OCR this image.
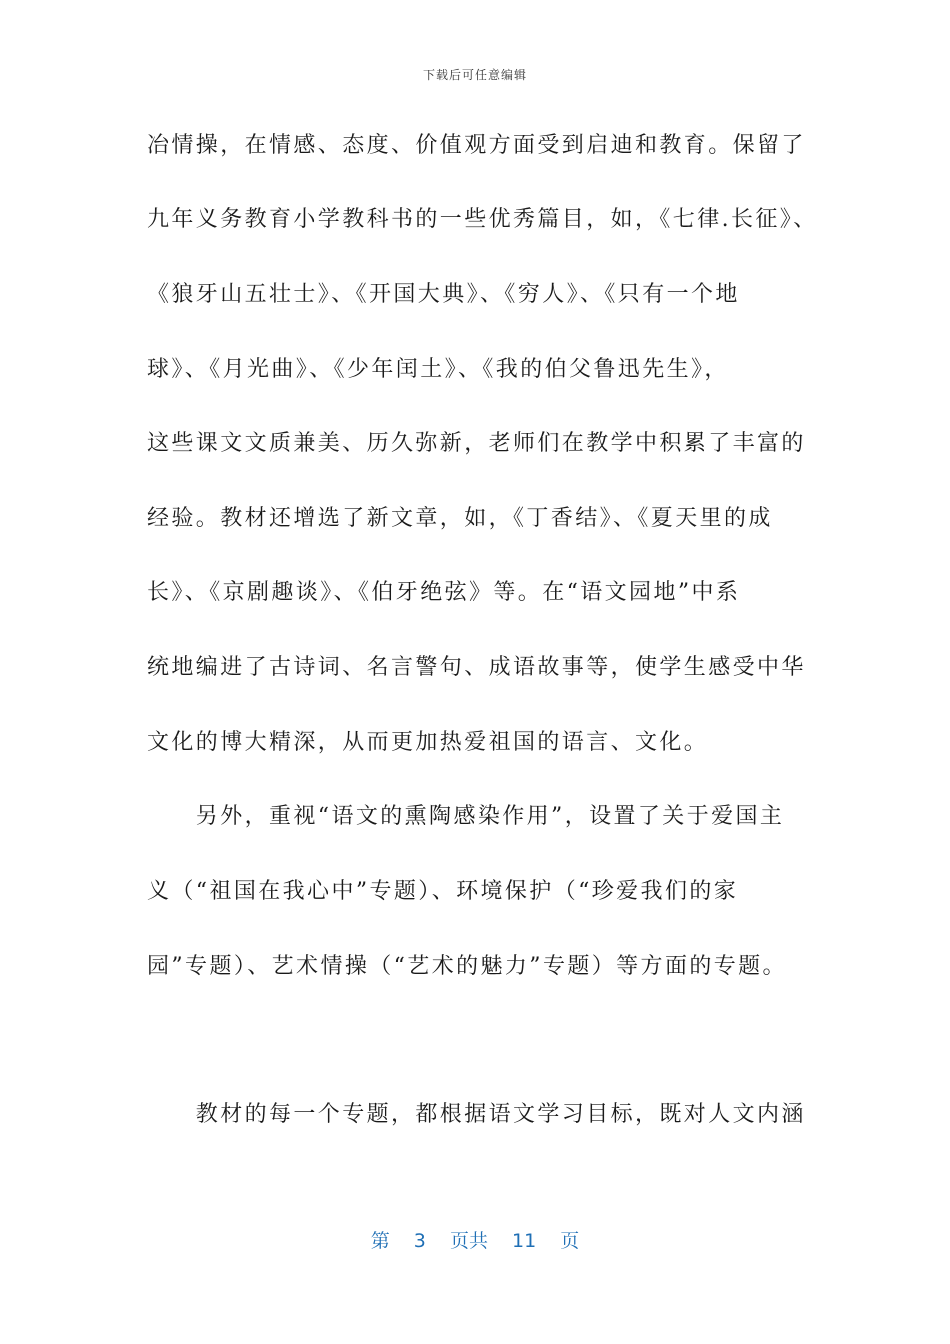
下载后可任意编辑
冶情操，在情感、态度、价值观方面受到启迪和教育。保留了
九年义务教育小学教科书的一些优秀篇目，如，《七律.长征》、
《狼牙山五壮士》、《开国大典》、《穷人》、《只有一个地
球》、《月光曲》、《少年闰土》、《我的伯父鲁迅先生》，
这些课文文质兼美、历久弥新，老师们在教学中积累了丰富的
经验。教材还增选了新文章，如，《丁香结》、《夏天里的成
长》、《京剧趣谈》、《伯牙绝弦》等。在“语文园地”中系
统地编进了古诗词、名言警句、成语故事等，使学生感受中华
文化的博大精深，从而更加热爱祖国的语言、文化。
　　另外，重视“语文的熏陶感染作用”，设置了关于爱国主
义（“祖国在我心中”专题）、环境保护（“珍爱我们的家
园”专题）、艺术情操（“艺术的魅力”专题）等方面的专题。
　　教材的每一个专题，都根据语文学习目标，既对人文内涵
第 3 页共 11 页
